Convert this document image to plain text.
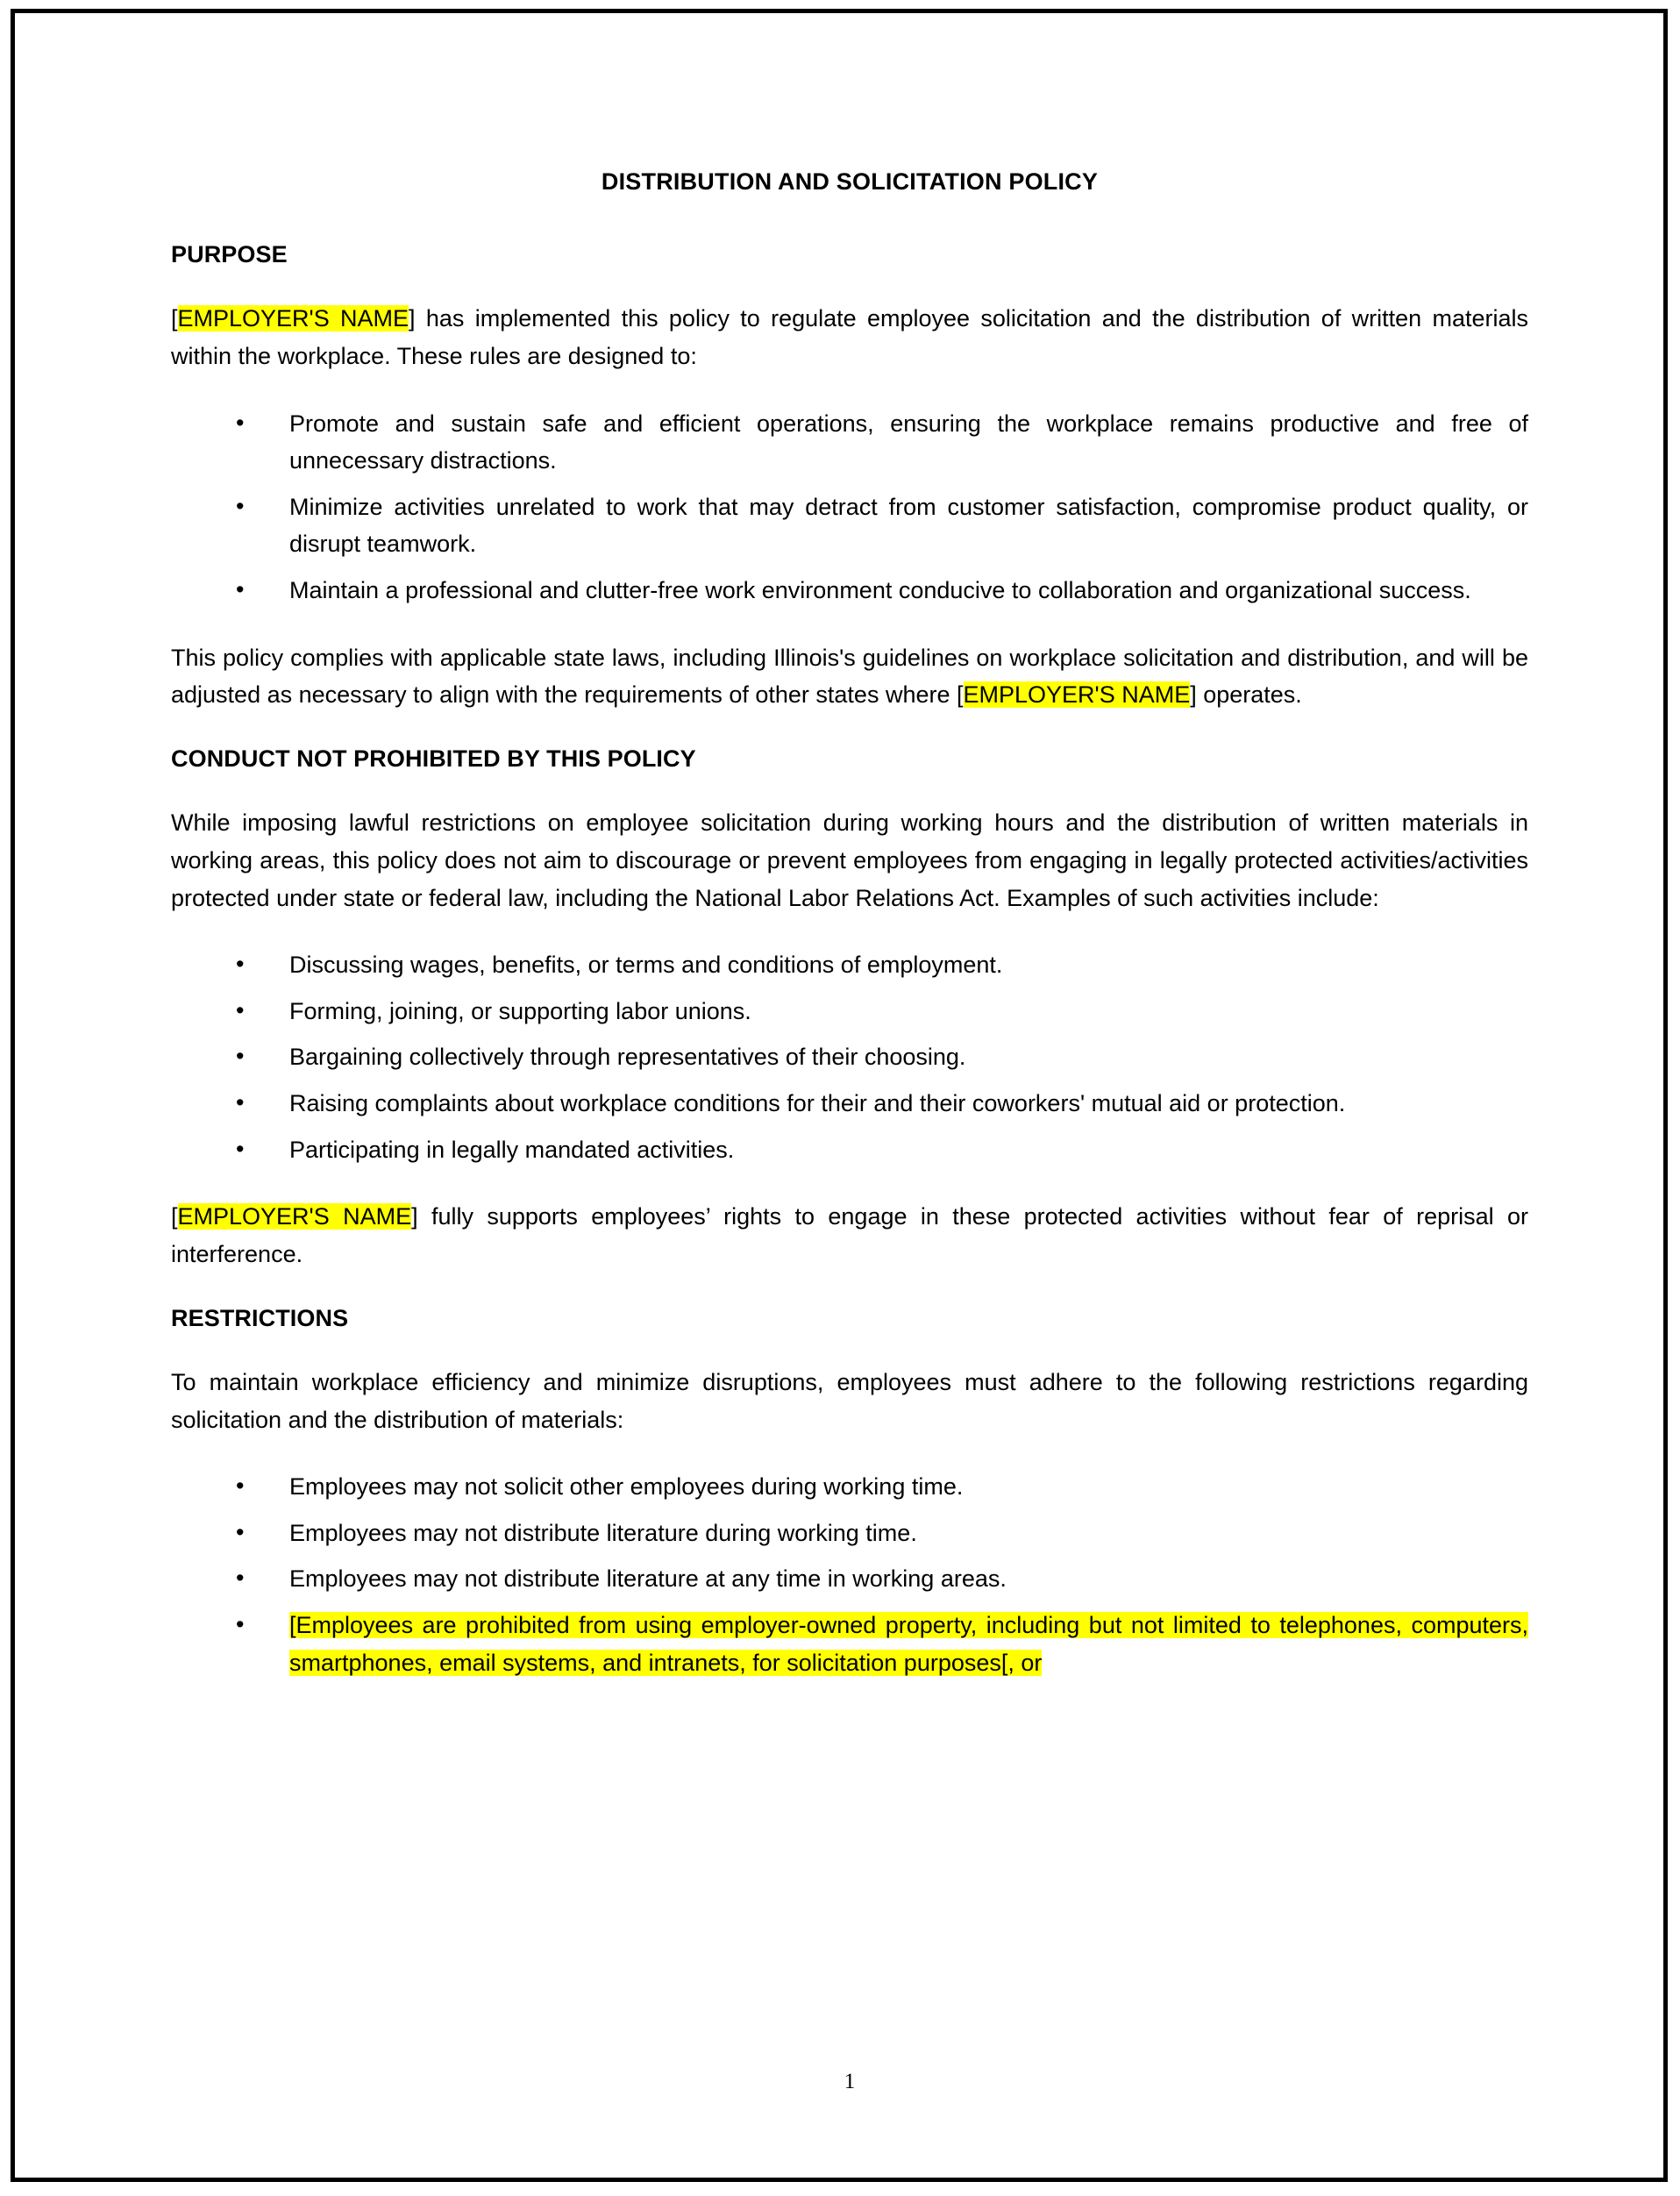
DISTRIBUTION AND SOLICITATION POLICY
PURPOSE

[EMPLOYER'S NAME] has implemented this policy to regulate employee solicitation and the distribution of written materials within the workplace. These rules are designed to:

• Promote and sustain safe and efficient operations, ensuring the workplace remains productive and free of unnecessary distractions.
• Minimize activities unrelated to work that may detract from customer satisfaction, compromise product quality, or disrupt teamwork.
• Maintain a professional and clutter-free work environment conducive to collaboration and organizational success.

This policy complies with applicable state laws, including Illinois's guidelines on workplace solicitation and distribution, and will be adjusted as necessary to align with the requirements of other states where [EMPLOYER'S NAME] operates.

CONDUCT NOT PROHIBITED BY THIS POLICY

While imposing lawful restrictions on employee solicitation during working hours and the distribution of written materials in working areas, this policy does not aim to discourage or prevent employees from engaging in legally protected activities/activities protected under state or federal law, including the National Labor Relations Act. Examples of such activities include:

• Discussing wages, benefits, or terms and conditions of employment.
• Forming, joining, or supporting labor unions.
• Bargaining collectively through representatives of their choosing.
• Raising complaints about workplace conditions for their and their coworkers' mutual aid or protection.
• Participating in legally mandated activities.

[EMPLOYER'S NAME] fully supports employees’ rights to engage in these protected activities without fear of reprisal or interference.

RESTRICTIONS

To maintain workplace efficiency and minimize disruptions, employees must adhere to the following restrictions regarding solicitation and the distribution of materials:

• Employees may not solicit other employees during working time.
• Employees may not distribute literature during working time.
• Employees may not distribute literature at any time in working areas.
• [Employees are prohibited from using employer-owned property, including but not limited to telephones, computers, smartphones, email systems, and intranets, for solicitation purposes[, or
1
